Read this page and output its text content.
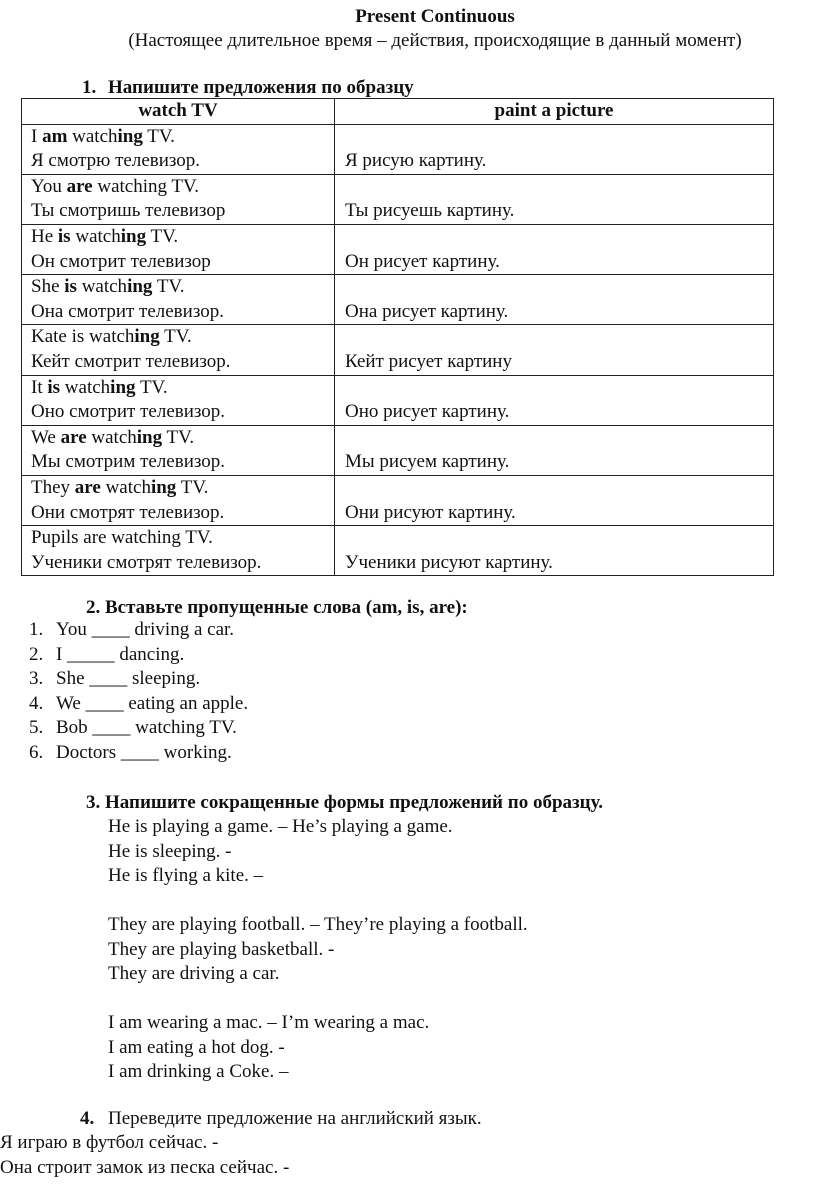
Present Continuous
(Настоящее длительное время – действия, происходящие в данный момент)
1. Напишите предложения по образцу
watch TV	paint a picture

I am watching TV.
Я смотрю телевизор.	Я рисую картину.

You are watching TV.
Ты смотришь телевизор	Ты рисуешь картину.

He is watching TV.
Он смотрит телевизор	Он рисует картину.

She is watching TV.
Она смотрит телевизор.	Она рисует картину.

Kate is watching TV.
Кейт смотрит телевизор.	Кейт рисует картину

It is watching TV.
Оно смотрит телевизор.	Оно рисует картину.

We are watching TV.
Мы смотрим телевизор.	Мы рисуем картину.

They are watching TV.
Они смотрят телевизор.	Они рисуют картину.

Pupils are watching TV.
Ученики смотрят телевизор.	Ученики рисуют картину.
2. Вставьте пропущенные слова (am, is, are):
1. You ____ driving a car.
2. I _____ dancing.
3. She ____ sleeping.
4. We ____ eating an apple.
5. Bob ____ watching TV.
6. Doctors ____ working.
3. Напишите сокращенные формы предложений по образцу.
He is playing a game. – He’s playing a game.
He is sleeping. -
He is flying a kite. –
They are playing football. – They’re playing a football.
They are playing basketball. -
They are driving a car.
I am wearing a mac. – I’m wearing a mac.
I am eating a hot dog. -
I am drinking a Coke. –
4. Переведите предложение на английский язык.
Я играю в футбол сейчас. -
Она строит замок из песка сейчас. -
